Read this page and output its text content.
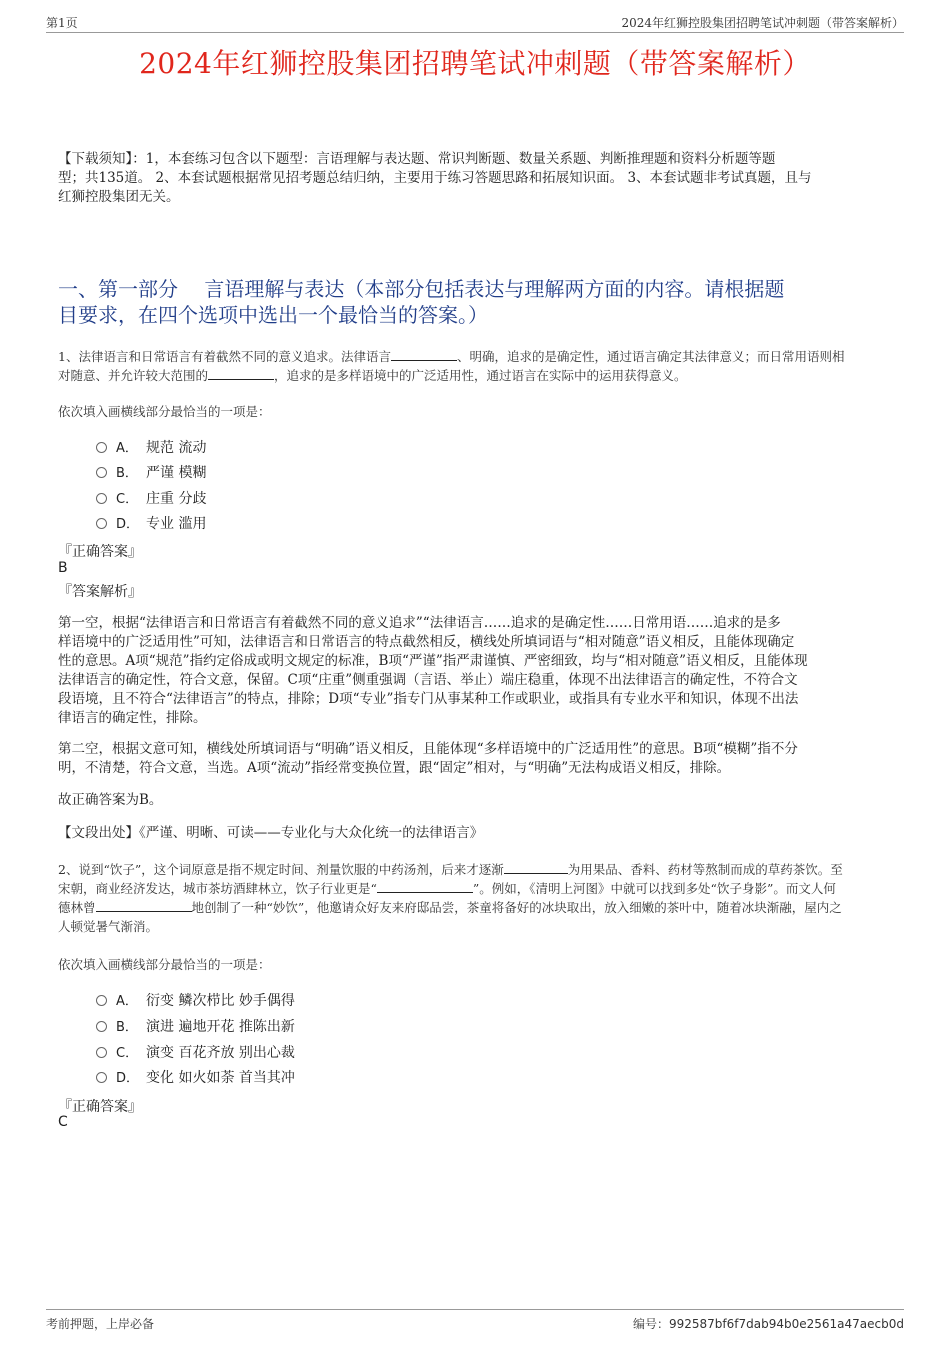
第1页	2024年红狮控股集团招聘笔试冲刺题（带答案解析）
2024年红狮控股集团招聘笔试冲刺题（带答案解析）
【下载须知】：1，本套练习包含以下题型：言语理解与表达题、常识判断题、数量关系题、判断推理题和资料分析题等题
型；共135道。 2、本套试题根据常见招考题总结归纳，主要用于练习答题思路和拓展知识面。 3、本套试题非考试真题，且与
红狮控股集团无关。
一、第一部分　 言语理解与表达（本部分包括表达与理解两方面的内容。请根据题
目要求，在四个选项中选出一个最恰当的答案。）
1、法律语言和日常语言有着截然不同的意义追求。法律语言	、明确，追求的是确定性，通过语言确定其法律意义；而日常用语则相
对随意、并允许较大范围的	，追求的是多样语境中的广泛适用性，通过语言在实际中的运用获得意义。
依次填入画横线部分最恰当的一项是：
A． 规范 流动
B． 严谨 模糊
C． 庄重 分歧
D． 专业 滥用
『正确答案』
B
『答案解析』
第一空，根据“法律语言和日常语言有着截然不同的意义追求”“法律语言……追求的是确定性……日常用语……追求的是多
样语境中的广泛适用性”可知，法律语言和日常语言的特点截然相反，横线处所填词语与“相对随意”语义相反，且能体现确定
性的意思。A项“规范”指约定俗成或明文规定的标准，B项“严谨”指严肃谨慎、严密细致，均与“相对随意”语义相反，且能体现
法律语言的确定性，符合文意，保留。C项“庄重”侧重强调（言语、举止）端庄稳重，体现不出法律语言的确定性，不符合文
段语境，且不符合“法律语言”的特点，排除；D项“专业”指专门从事某种工作或职业，或指具有专业水平和知识，体现不出法
律语言的确定性，排除。
第二空，根据文意可知，横线处所填词语与“明确”语义相反，且能体现“多样语境中的广泛适用性”的意思。B项“模糊”指不分
明，不清楚，符合文意，当选。A项“流动”指经常变换位置，跟“固定”相对，与“明确”无法构成语义相反，排除。
故正确答案为B。
【文段出处】《严谨、明晰、可读——专业化与大众化统一的法律语言》
2、说到“饮子”，这个词原意是指不规定时间、剂量饮服的中药汤剂，后来才逐渐	为用果品、香料、药材等熬制而成的草药茶饮。至
宋朝，商业经济发达，城市茶坊酒肆林立，饮子行业更是“	”。例如，《清明上河图》中就可以找到多处“饮子身影”。而文人何
德林曾	地创制了一种“妙饮”，他邀请众好友来府邸品尝，茶童将备好的冰块取出，放入细嫩的茶叶中，随着冰块渐融，屋内之
人顿觉暑气渐消。
依次填入画横线部分最恰当的一项是：
A． 衍变 鳞次栉比 妙手偶得
B． 演进 遍地开花 推陈出新
C． 演变 百花齐放 别出心裁
D． 变化 如火如荼 首当其冲
『正确答案』
C
考前押题，上岸必备	编号：992587bf6f7dab94b0e2561a47aecb0d
